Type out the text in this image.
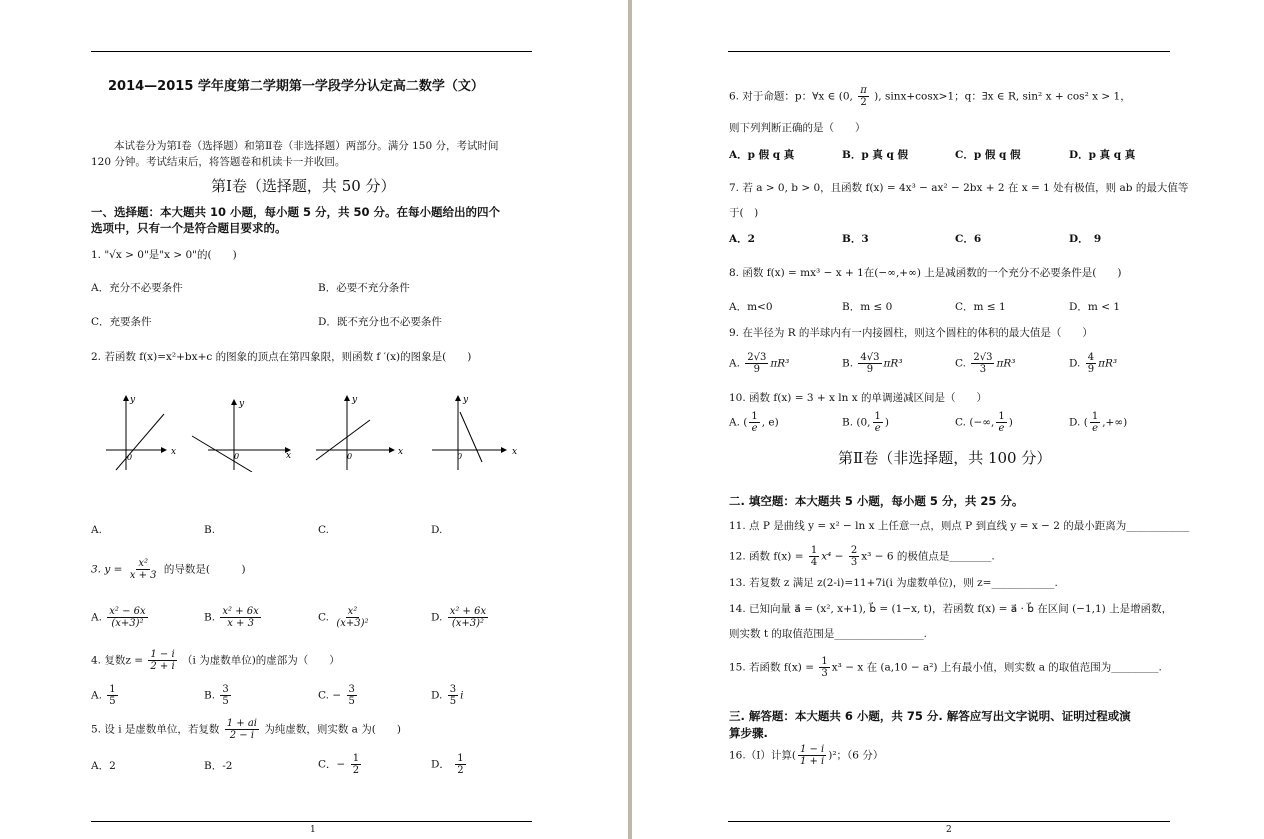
2014—2015 学年度第二学期第一学段学分认定高二数学（文）
本试卷分为第Ⅰ卷（选择题）和第Ⅱ卷（非选择题）两部分。满分 150 分，考试时间
120 分钟。考试结束后，将答题卷和机读卡一并收回。
第Ⅰ卷（选择题，共 50 分）
一、选择题：本大题共 10 小题，每小题 5 分，共 50 分。在每小题给出的四个
选项中，只有一个是符合题目要求的。
1. "√x > 0"是"x > 0"的(　　)
A．充分不必要条件	B．必要不充分条件
C．充要条件	D．既不充分也不必要条件
2. 若函数 f(x)=x²+bx+c 的图象的顶点在第四象限，则函数 f ′(x)的图象是(　　)
y
x
0
y
x
0
y
x
0
y
x
0
A.	B.	C.	D.
3. $y = \frac{\text{x²}}{x + 3}$ 的导数是(　　　)
A. $\frac{\text{x² − 6x}}{\text{(x+3)²}}$	B. $\frac{\text{x² + 6x}}{x + 3}$	C. $\frac{\text{x²}}{\text{(x+3)²}}$	D. $\frac{\text{x² + 6x}}{\text{(x+3)²}}$
4. 复数$z = \frac{1 - i}{2 + i} (i$ 为虚数单位)的虚部为（　　）
A. $\frac{1}{5}$	B. $\frac{3}{5}$	C. − $\frac{3}{5}$	D. $\frac{3}{5}$ i
5. 设 i 是虚数单位，若复数 $\frac{1 + ai}{2 - i}$ 为纯虚数，则实数 a 为(　　)
A．2	B．-2	C．− $\frac{1}{2}$	D． $\frac{1}{2}$
1
6. 对于命题：p：∀x ∈ (0, $\frac{\pi}{2}$ ), sinx+cosx>1；q：∃x ∈ R, sin² x + cos² x > 1，
则下列判断正确的是（　　）
A．p 假 q 真	B．p 真 q 假	C．p 假 q 假	D．p 真 q 真
7. 若 a > 0, b > 0，且函数 f(x) = 4x³ − ax² − 2bx + 2 在 x = 1 处有极值，则 ab 的最大值等
于(　)
A．2	B．3	C．6	D．　9
8. 函数 f(x) = mx³ − x + 1在(−∞,+∞) 上是减函数的一个充分不必要条件是(　　)
A．m<0	B．m ≤ 0	C．m ≤ 1	D．m < 1
9. 在半径为 R 的半球内有一内接圆柱，则这个圆柱的体积的最大值是（　　）
A. $\frac{2√3}{9} \pi R^3$	B. $\frac{4√3}{9} \pi R^3$	C. $\frac{2√3}{3} \pi R^3$	D. $\frac{4}{9} \pi R^3$
10. 函数 f(x) = 3 + x ln x 的单调递减区间是（　　）
A. ( $\frac{1}{e}$ , e)	B. (0, $\frac{1}{e}$ )	C. (−∞, $\frac{1}{e}$ )	D. ( $\frac{1}{e}$ ,+∞)
第Ⅱ卷（非选择题，共 100 分）
二. 填空题：本大题共 5 小题，每小题 5 分，共 25 分。
11. 点 P 是曲线 y = x² − ln x 上任意一点，则点 P 到直线 y = x − 2 的最小距离为____________
12. 函数 $f(x) = \frac{1}{4} x^4 - \frac{2}{3} x^3 - 6$ 的极值点是________.
13. 若复数 z 满足 z(2-i)=11+7i(i 为虚数单位)，则 z=____________.
14. 已知向量 a⃗ = (x², x+1), b⃗ = (1−x, t)，若函数 f(x) = a⃗ · b⃗ 在区间 (−1,1) 上是增函数，
则实数 t 的取值范围是_________________.
15. 若函数 $f(x) = \frac{1}{3} x^3 - x$ 在 (a,10 − a²) 上有最小值，则实数 a 的取值范围为_________.
三. 解答题：本大题共 6 小题，共 75 分. 解答应写出文字说明、证明过程或演
算步骤.
16.（Ⅰ）计算( $\frac{1 - i}{1 + i} )^2$；（6 分）
2
